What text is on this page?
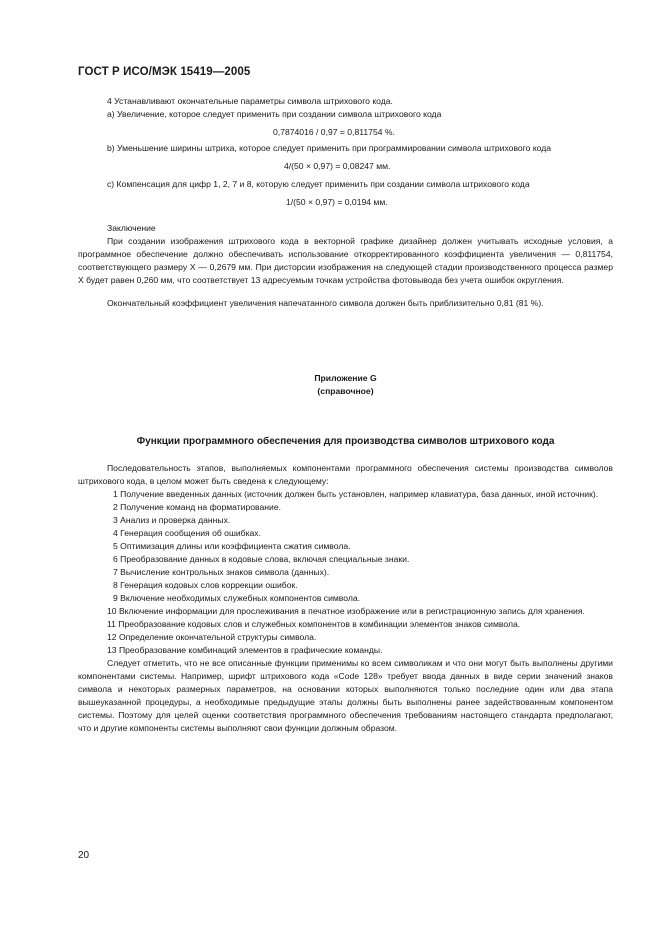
ГОСТ Р ИСО/МЭК 15419—2005
4 Устанавливают окончательные параметры символа штрихового кода.
a) Увеличение, которое следует применить при создании символа штрихового кода
0,7874016 / 0,97 = 0,811754 %.
b) Уменьшение ширины штриха, которое следует применить при программировании символа штрихового кода
4/(50 × 0,97) = 0,08247 мм.
c) Компенсация для цифр 1, 2, 7 и 8, которую следует применить при создании символа штрихового кода
1/(50 × 0,97) = 0,0194 мм.
Заключение
При создании изображения штрихового кода в векторной графике дизайнер должен учитывать исходные условия, а программное обеспечение должно обеспечивать использование откорректированного коэффициента увеличения — 0,811754, соответствующего размеру X — 0,2679 мм. При дисторсии изображения на следующей стадии производственного процесса размер X будет равен 0,260 мм, что соответствует 13 адресуемым точкам устройства фотовывода без учета ошибок округления.
Окончательный коэффициент увеличения напечатанного символа должен быть приблизительно 0,81 (81 %).
Приложение G
(справочное)
Функции программного обеспечения для производства символов штрихового кода
Последовательность этапов, выполняемых компонентами программного обеспечения системы производства символов штрихового кода, в целом может быть сведена к следующему:
1 Получение введенных данных (источник должен быть установлен, например клавиатура, база данных, иной источник).
2 Получение команд на форматирование.
3 Анализ и проверка данных.
4 Генерация сообщения об ошибках.
5 Оптимизация длины или коэффициента сжатия символа.
6 Преобразование данных в кодовые слова, включая специальные знаки.
7 Вычисление контрольных знаков символа (данных).
8 Генерация кодовых слов коррекции ошибок.
9 Включение необходимых служебных компонентов символа.
10 Включение информации для прослеживания в печатное изображение или в регистрационную запись для хранения.
11 Преобразование кодовых слов и служебных компонентов в комбинации элементов знаков символа.
12 Определение окончательной структуры символа.
13 Преобразование комбинаций элементов в графические команды.
Следует отметить, что не все описанные функции применимы ко всем символикам и что они могут быть выполнены другими компонентами системы. Например, шрифт штрихового кода «Code 128» требует ввода данных в виде серии значений знаков символа и некоторых размерных параметров, на основании которых выполняются только последние один или два этапа вышеуказанной процедуры, а необходимые предыдущие этапы должны быть выполнены ранее задействованным компонентом системы. Поэтому для целей оценки соответствия программного обеспечения требованиям настоящего стандарта предполагают, что и другие компоненты системы выполняют свои функции должным образом.
20
